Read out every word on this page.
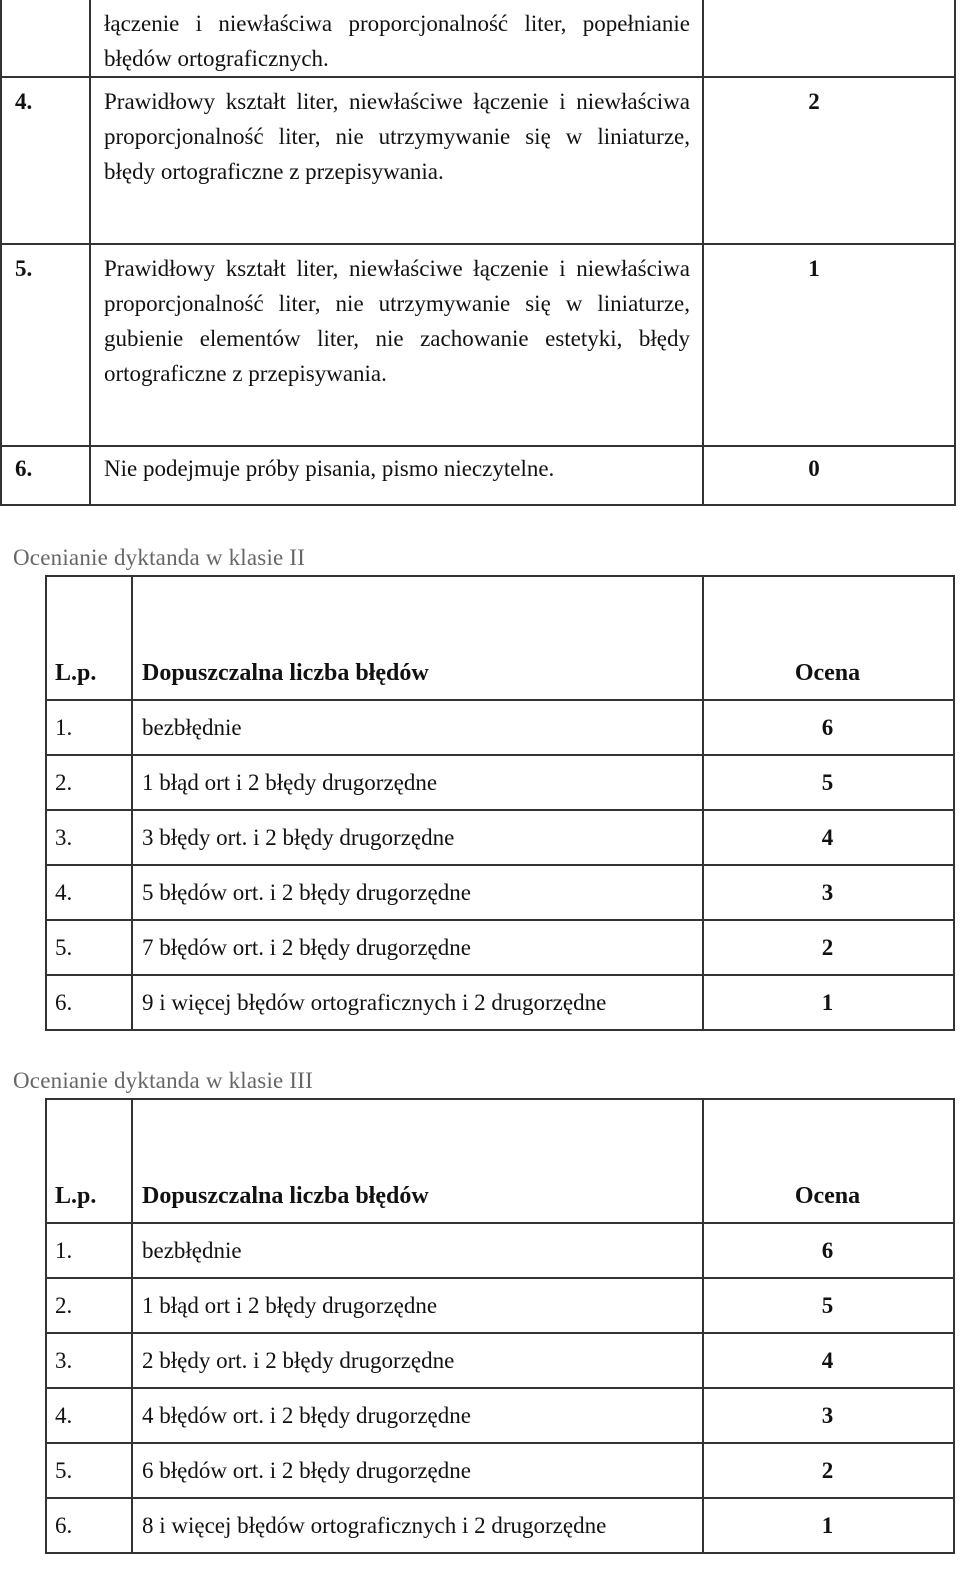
	łączenie i niewłaściwa proporcjonalność liter, popełnianie błędów ortograficznych.	
4.	Prawidłowy kształt liter, niewłaściwe łączenie i niewłaściwa proporcjonalność liter, nie utrzymywanie się w liniaturze, błędy ortograficzne z przepisywania.	2
5.	Prawidłowy kształt liter, niewłaściwe łączenie i niewłaściwa proporcjonalność liter, nie utrzymywanie się w liniaturze, gubienie elementów liter, nie zachowanie estetyki, błędy ortograficzne z przepisywania.	1
6.	Nie podejmuje próby pisania, pismo nieczytelne.	0
Ocenianie dyktanda w klasie II
L.p.	Dopuszczalna liczba błędów	Ocena
1.	bezbłędnie	6
2.	1 błąd ort i 2 błędy drugorzędne	5
3.	3 błędy ort. i 2 błędy drugorzędne	4
4.	5 błędów ort. i 2 błędy drugorzędne	3
5.	7 błędów ort. i 2 błędy drugorzędne	2
6.	9 i więcej błędów ortograficznych i 2 drugorzędne	1
Ocenianie dyktanda w klasie III
L.p.	Dopuszczalna liczba błędów	Ocena
1.	bezbłędnie	6
2.	1 błąd ort i 2 błędy drugorzędne	5
3.	2 błędy ort. i 2 błędy drugorzędne	4
4.	4 błędów ort. i 2 błędy drugorzędne	3
5.	6 błędów ort. i 2 błędy drugorzędne	2
6.	8 i więcej błędów ortograficznych i 2 drugorzędne	1
